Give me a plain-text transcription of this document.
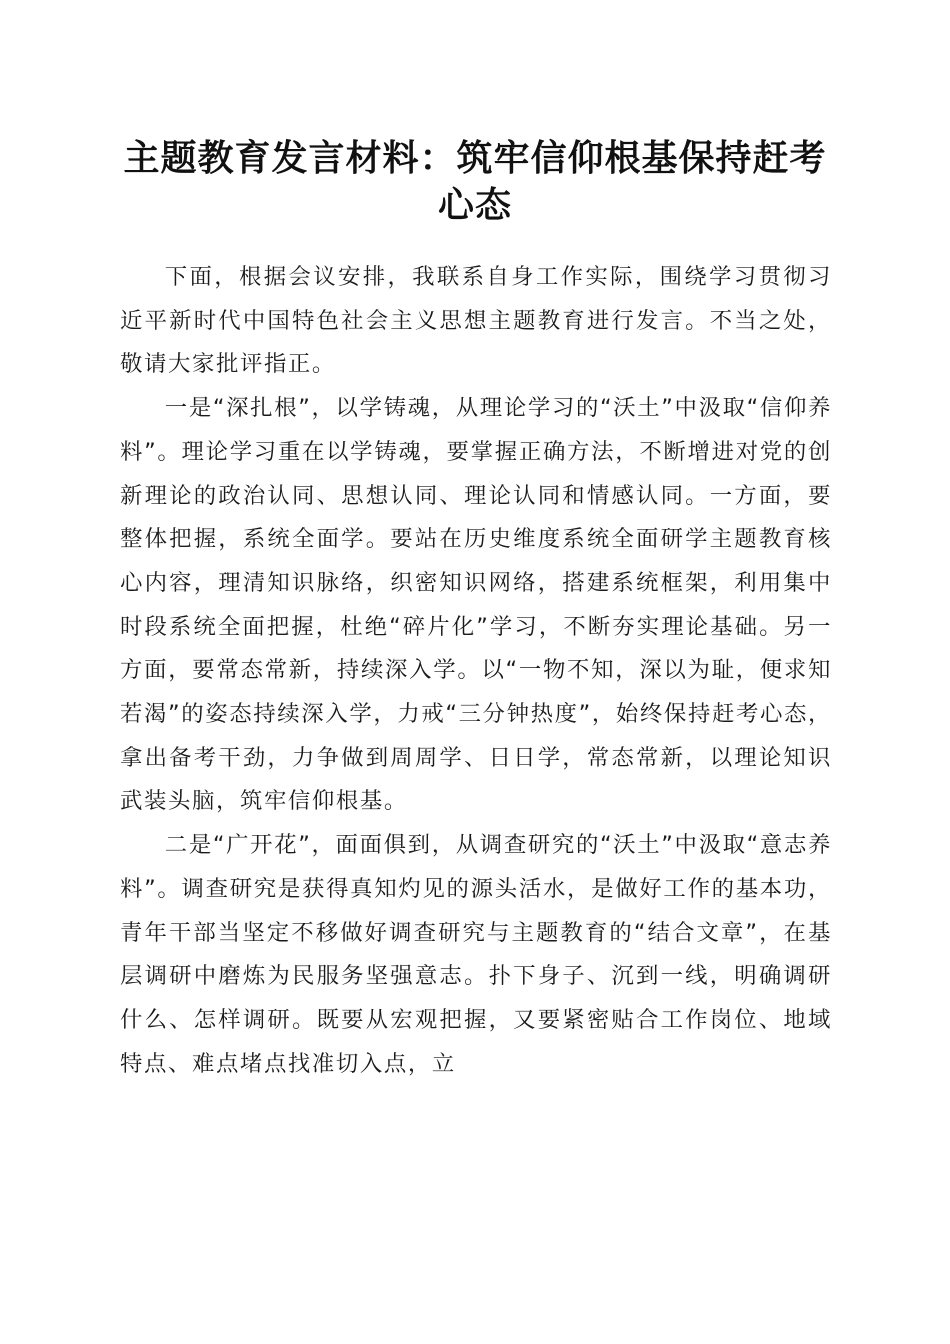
主题教育发言材料：筑牢信仰根基保持赶考心态

下面，根据会议安排，我联系自身工作实际，围绕学习贯彻习近平新时代中国特色社会主义思想主题教育进行发言。不当之处，敬请大家批评指正。

一是“深扎根”，以学铸魂，从理论学习的“沃土”中汲取“信仰养料”。理论学习重在以学铸魂，要掌握正确方法，不断增进对党的创新理论的政治认同、思想认同、理论认同和情感认同。一方面，要整体把握，系统全面学。要站在历史维度系统全面研学主题教育核心内容，理清知识脉络，织密知识网络，搭建系统框架，利用集中时段系统全面把握，杜绝“碎片化”学习，不断夯实理论基础。另一方面，要常态常新，持续深入学。以“一物不知，深以为耻，便求知若渴”的姿态持续深入学，力戒“三分钟热度”，始终保持赶考心态，拿出备考干劲，力争做到周周学、日日学，常态常新，以理论知识武装头脑，筑牢信仰根基。

二是“广开花”，面面俱到，从调查研究的“沃土”中汲取“意志养料”。调查研究是获得真知灼见的源头活水，是做好工作的基本功，青年干部当坚定不移做好调查研究与主题教育的“结合文章”，在基层调研中磨炼为民服务坚强意志。扑下身子、沉到一线，明确调研什么、怎样调研。既要从宏观把握，又要紧密贴合工作岗位、地域特点、难点堵点找准切入点，立
